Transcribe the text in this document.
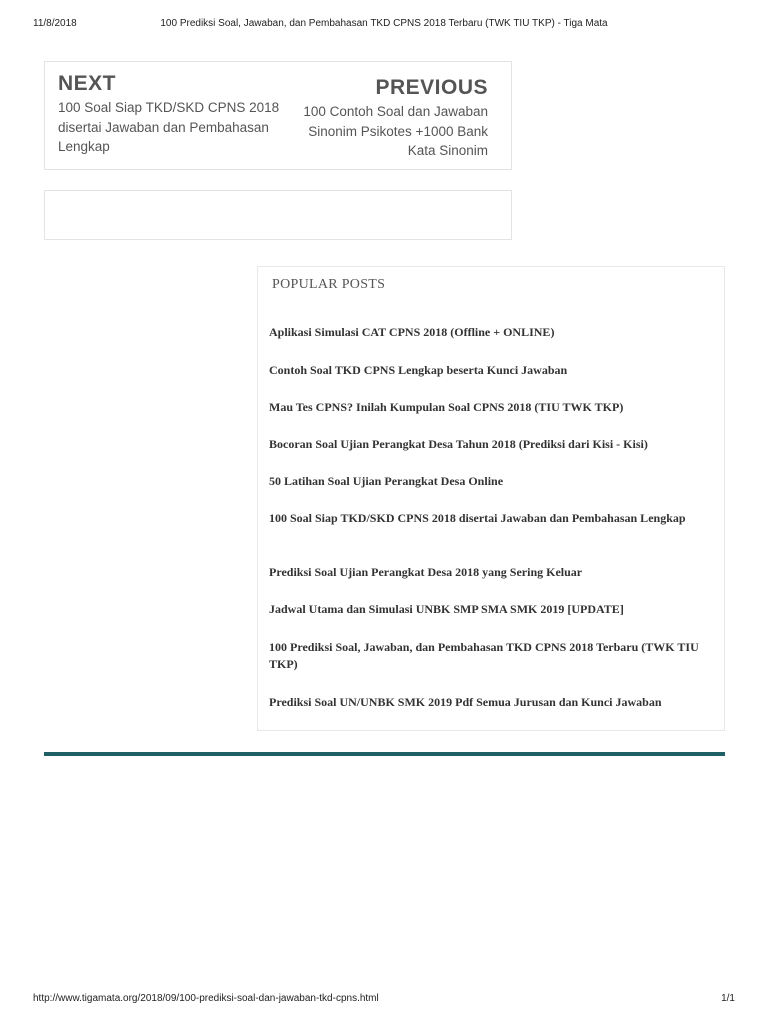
11/8/2018	100 Prediksi Soal, Jawaban, dan Pembahasan TKD CPNS 2018 Terbaru (TWK TIU TKP) - Tiga Mata
NEXT
100 Soal Siap TKD/SKD CPNS 2018 disertai Jawaban dan Pembahasan Lengkap
PREVIOUS
100 Contoh Soal dan Jawaban Sinonim Psikotes +1000 Bank Kata Sinonim
POPULAR POSTS
Aplikasi Simulasi CAT CPNS 2018 (Offline + ONLINE)
Contoh Soal TKD CPNS Lengkap beserta Kunci Jawaban
Mau Tes CPNS? Inilah Kumpulan Soal CPNS 2018 (TIU TWK TKP)
Bocoran Soal Ujian Perangkat Desa Tahun 2018 (Prediksi dari Kisi - Kisi)
50 Latihan Soal Ujian Perangkat Desa Online
100 Soal Siap TKD/SKD CPNS 2018 disertai Jawaban dan Pembahasan Lengkap
Prediksi Soal Ujian Perangkat Desa 2018 yang Sering Keluar
Jadwal Utama dan Simulasi UNBK SMP SMA SMK 2019 [UPDATE]
100 Prediksi Soal, Jawaban, dan Pembahasan TKD CPNS 2018 Terbaru (TWK TIU TKP)
Prediksi Soal UN/UNBK SMK 2019 Pdf Semua Jurusan dan Kunci Jawaban
http://www.tigamata.org/2018/09/100-prediksi-soal-dan-jawaban-tkd-cpns.html	1/1
